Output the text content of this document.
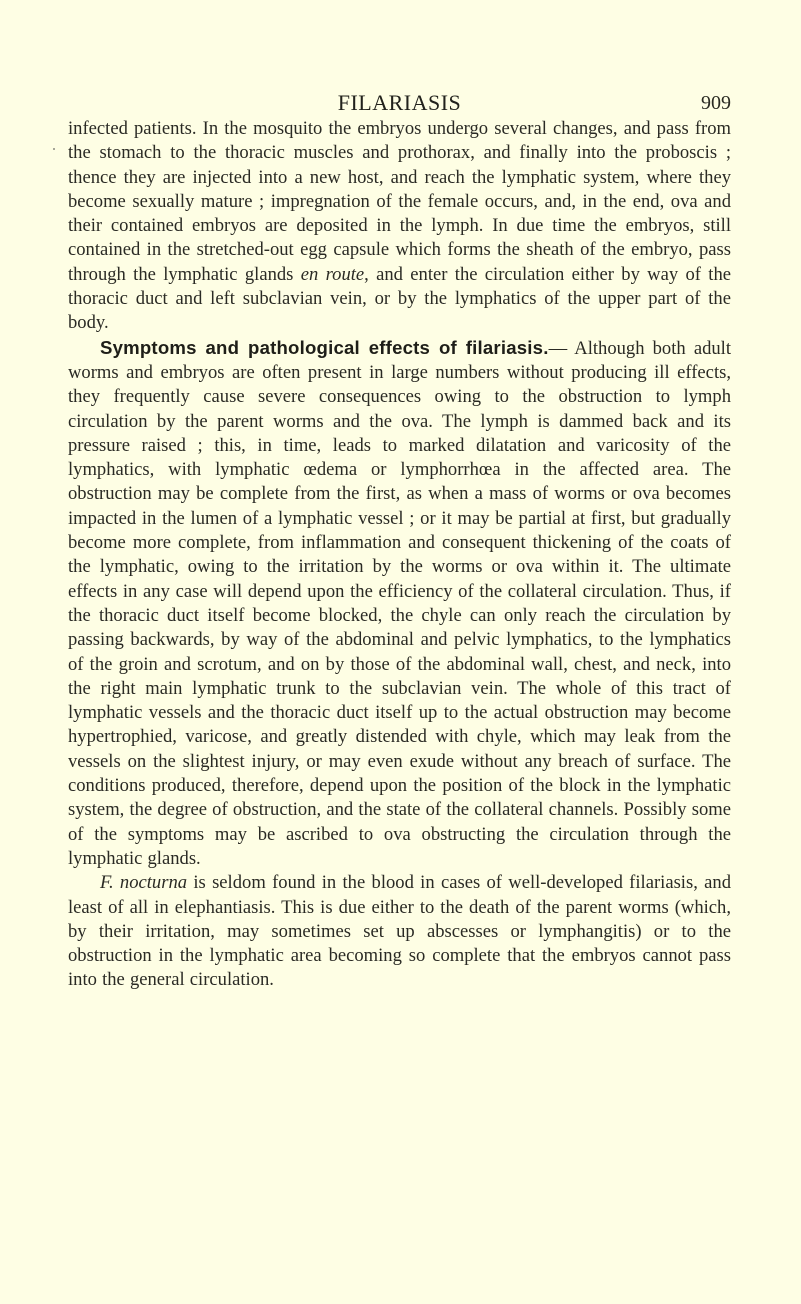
FILARIASIS	909

infected patients. In the mosquito the embryos undergo several changes, and pass from the stomach to the thoracic muscles and prothorax, and finally into the proboscis ; thence they are injected into a new host, and reach the lymphatic system, where they become sexually mature ; impregnation of the female occurs, and, in the end, ova and their contained embryos are deposited in the lymph. In due time the embryos, still contained in the stretched-out egg capsule which forms the sheath of the embryo, pass through the lymphatic glands en route, and enter the circulation either by way of the thoracic duct and left subclavian vein, or by the lymphatics of the upper part of the body.

Symptoms and pathological effects of filariasis.— Although both adult worms and embryos are often present in large numbers without producing ill effects, they frequently cause severe consequences owing to the obstruction to lymph circulation by the parent worms and the ova. The lymph is dammed back and its pressure raised ; this, in time, leads to marked dilatation and varicosity of the lymphatics, with lymphatic œdema or lymphorrhœa in the affected area. The obstruction may be complete from the first, as when a mass of worms or ova becomes impacted in the lumen of a lymphatic vessel ; or it may be partial at first, but gradually become more complete, from inflammation and consequent thickening of the coats of the lymphatic, owing to the irritation by the worms or ova within it. The ultimate effects in any case will depend upon the efficiency of the collateral circulation. Thus, if the thoracic duct itself become blocked, the chyle can only reach the circulation by passing backwards, by way of the abdominal and pelvic lymphatics, to the lymphatics of the groin and scrotum, and on by those of the abdominal wall, chest, and neck, into the right main lymphatic trunk to the subclavian vein. The whole of this tract of lymphatic vessels and the thoracic duct itself up to the actual obstruction may become hypertrophied, varicose, and greatly distended with chyle, which may leak from the vessels on the slightest injury, or may even exude without any breach of surface. The conditions produced, therefore, depend upon the position of the block in the lymphatic system, the degree of obstruction, and the state of the collateral channels. Possibly some of the symptoms may be ascribed to ova obstructing the circulation through the lymphatic glands.

F. nocturna is seldom found in the blood in cases of well-developed filariasis, and least of all in elephantiasis. This is due either to the death of the parent worms (which, by their irritation, may sometimes set up abscesses or lymphangitis) or to the obstruction in the lymphatic area becoming so complete that the embryos cannot pass into the general circulation.
